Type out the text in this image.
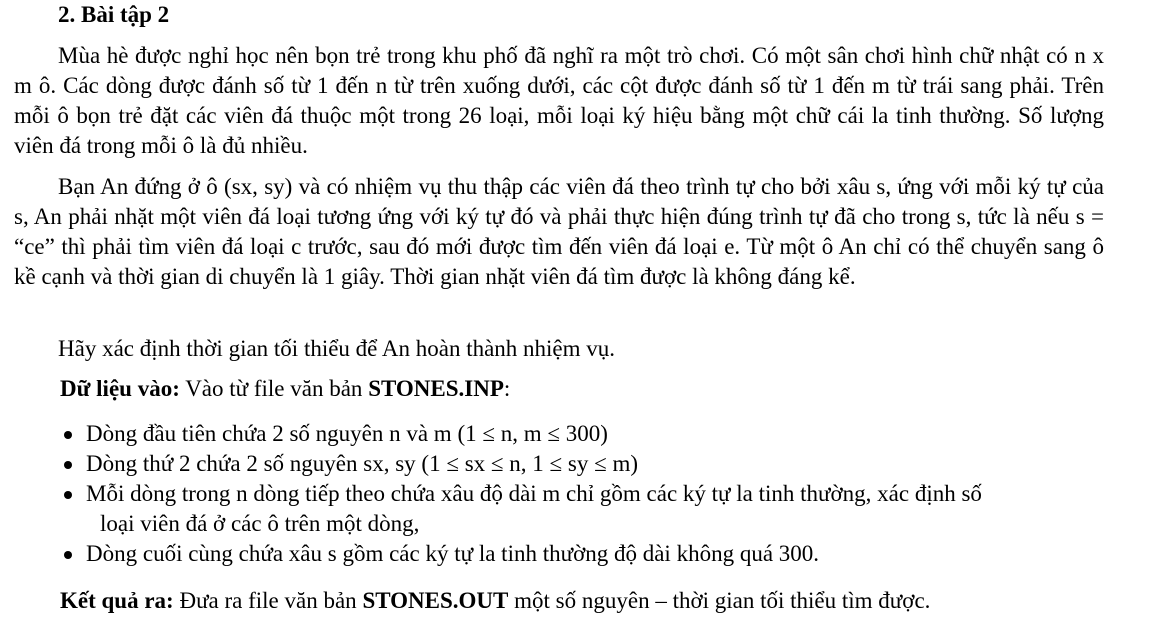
2. Bài tập 2

Mùa hè được nghỉ học nên bọn trẻ trong khu phố đã nghĩ ra một trò chơi. Có một sân chơi hình chữ nhật có n x m ô. Các dòng được đánh số từ 1 đến n từ trên xuống dưới, các cột được đánh số từ 1 đến m từ trái sang phải. Trên mỗi ô bọn trẻ đặt các viên đá thuộc một trong 26 loại, mỗi loại ký hiệu bằng một chữ cái la tinh thường. Số lượng viên đá trong mỗi ô là đủ nhiều.

Bạn An đứng ở ô (sx, sy) và có nhiệm vụ thu thập các viên đá theo trình tự cho bởi xâu s, ứng với mỗi ký tự của s, An phải nhặt một viên đá loại tương ứng với ký tự đó và phải thực hiện đúng trình tự đã cho trong s, tức là nếu s = “ce” thì phải tìm viên đá loại c trước, sau đó mới được tìm đến viên đá loại e. Từ một ô An chỉ có thể chuyển sang ô kề cạnh và thời gian di chuyển là 1 giây. Thời gian nhặt viên đá tìm được là không đáng kể.

Hãy xác định thời gian tối thiểu để An hoàn thành nhiệm vụ.

Dữ liệu vào: Vào từ file văn bản STONES.INP:

Dòng đầu tiên chứa 2 số nguyên n và m (1 ≤ n, m ≤ 300)
Dòng thứ 2 chứa 2 số nguyên sx, sy (1 ≤ sx ≤ n, 1 ≤ sy ≤ m)
Mỗi dòng trong n dòng tiếp theo chứa xâu độ dài m chỉ gồm các ký tự la tinh thường, xác định số
loại viên đá ở các ô trên một dòng,
Dòng cuối cùng chứa xâu s gồm các ký tự la tinh thường độ dài không quá 300.

Kết quả ra: Đưa ra file văn bản STONES.OUT một số nguyên – thời gian tối thiểu tìm được.
